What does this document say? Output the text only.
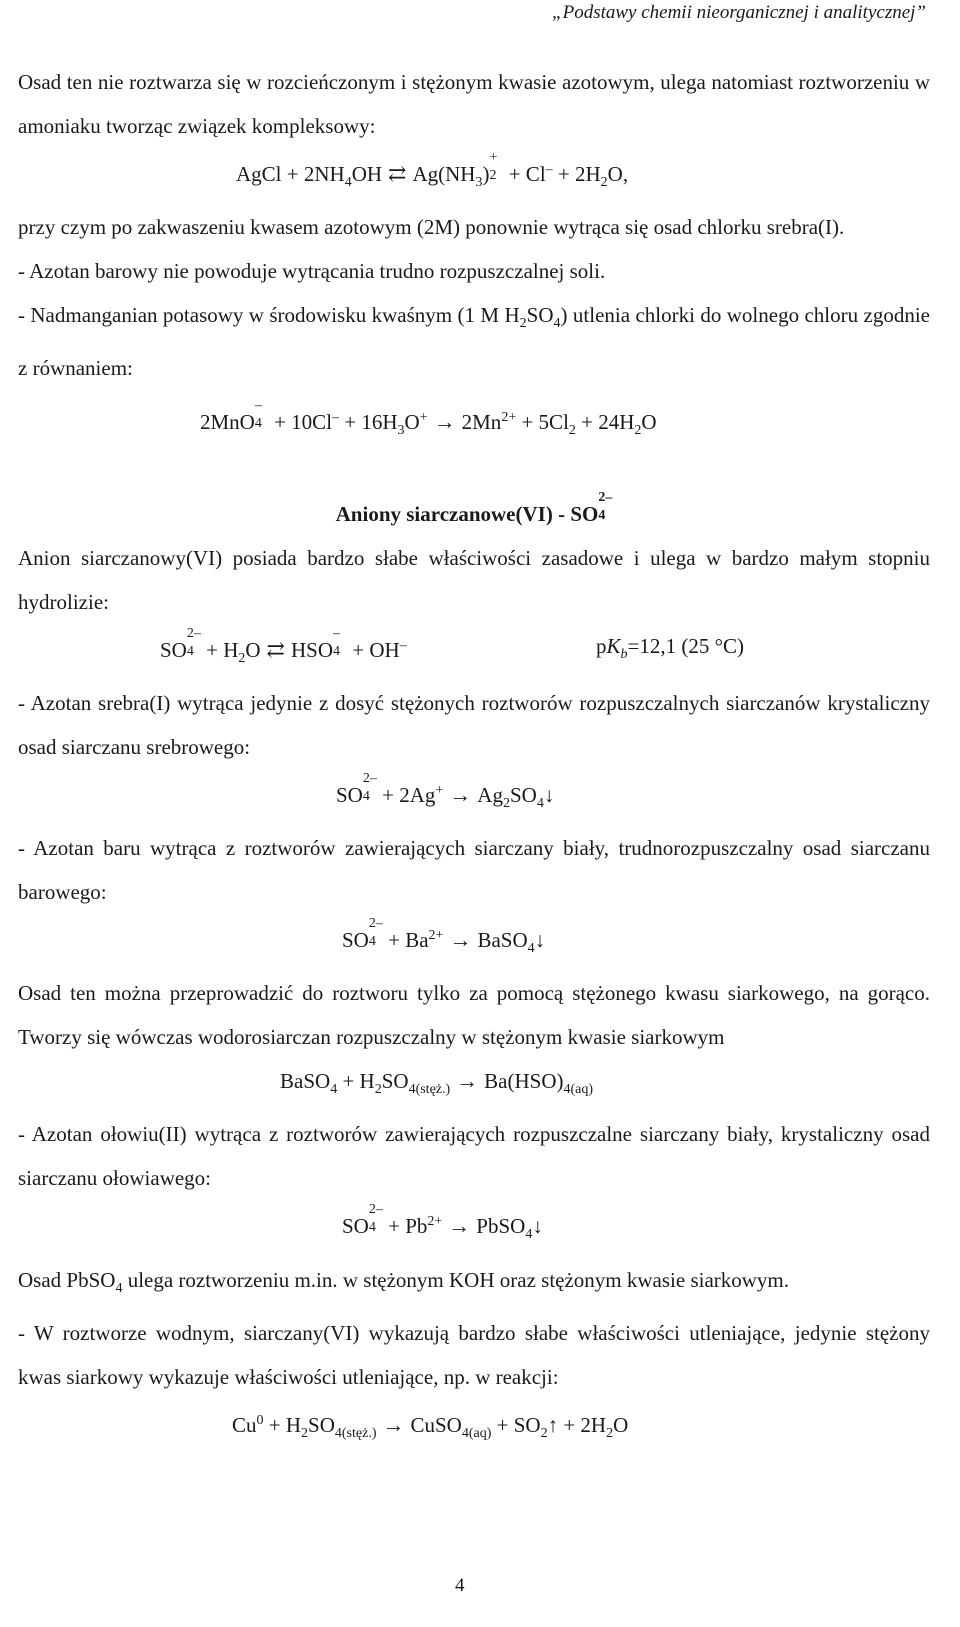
„Podstawy chemii nieorganicznej i analitycznej”

Osad ten nie roztwarza się w rozcieńczonym i stężonym kwasie azotowym, ulega natomiast roztworzeniu w amoniaku tworząc związek kompleksowy:

AgCl + $2NH_4OH$ ⇄ $Ag(NH_3)$
+
$2 + Cl^- + 2H_2O$,

przy czym po zakwaszeniu kwasem azotowym (2M) ponownie wytrąca się osad chlorku srebra(I).

- Azotan barowy nie powoduje wytrącania trudno rozpuszczalnej soli.

- Nadmanganian potasowy w środowisku kwaśnym (1 M $H_2SO_4$) utlenia chlorki do wolnego chloru zgodnie z równaniem:

2MnO
–
$4 + 10Cl^- + 16H_3O^+ \to 2Mn^{2+} + 5Cl_2 + 24H_2O$

Aniony siarczanowe(VI) - SO
2–
4

Anion siarczanowy(VI) posiada bardzo słabe właściwości zasadowe i ulega w bardzo małym stopniu hydrolizie:

SO
2–
$4 + H_2O$ ⇄ HSO
–
4 + OH–	$pK_b=12,1$ (25 °C)

- Azotan srebra(I) wytrąca jedynie z dosyć stężonych roztworów rozpuszczalnych siarczanów krystaliczny osad siarczanu srebrowego:

SO
2–
$4 + 2Ag^+ \to Ag_2SO_4↓$

- Azotan baru wytrąca z roztworów zawierających siarczany biały, trudnorozpuszczalny osad siarczanu barowego:

SO
2–
$4 + Ba^{2+}$ → BaSO$_4$↓

Osad ten można przeprowadzić do roztworu tylko za pomocą stężonego kwasu siarkowego, na gorąco. Tworzy się wówczas wodorosiarczan rozpuszczalny w stężonym kwasie siarkowym

BaSO$_4$ + $H_2SO_{4(stęż.)} \to Ba(HSO)_{4(aq)}$

- Azotan ołowiu(II) wytrąca z roztworów zawierających rozpuszczalne siarczany biały, krystaliczny osad siarczanu ołowiawego:

SO
2–
$4 + Pb^{2+}$ → PbSO$_4$↓

Osad PbSO$_4$ ulega roztworzeniu m.in. w stężonym KOH oraz stężonym kwasie siarkowym.

- W roztworze wodnym, siarczany(VI) wykazują bardzo słabe właściwości utleniające, jedynie stężony kwas siarkowy wykazuje właściwości utleniające, np. w reakcji:

$Cu^0 + H_2SO_{4(stęż.)}$ → CuSO$_{4(aq)}$ + $SO_2↑ + 2H_2O$

4
